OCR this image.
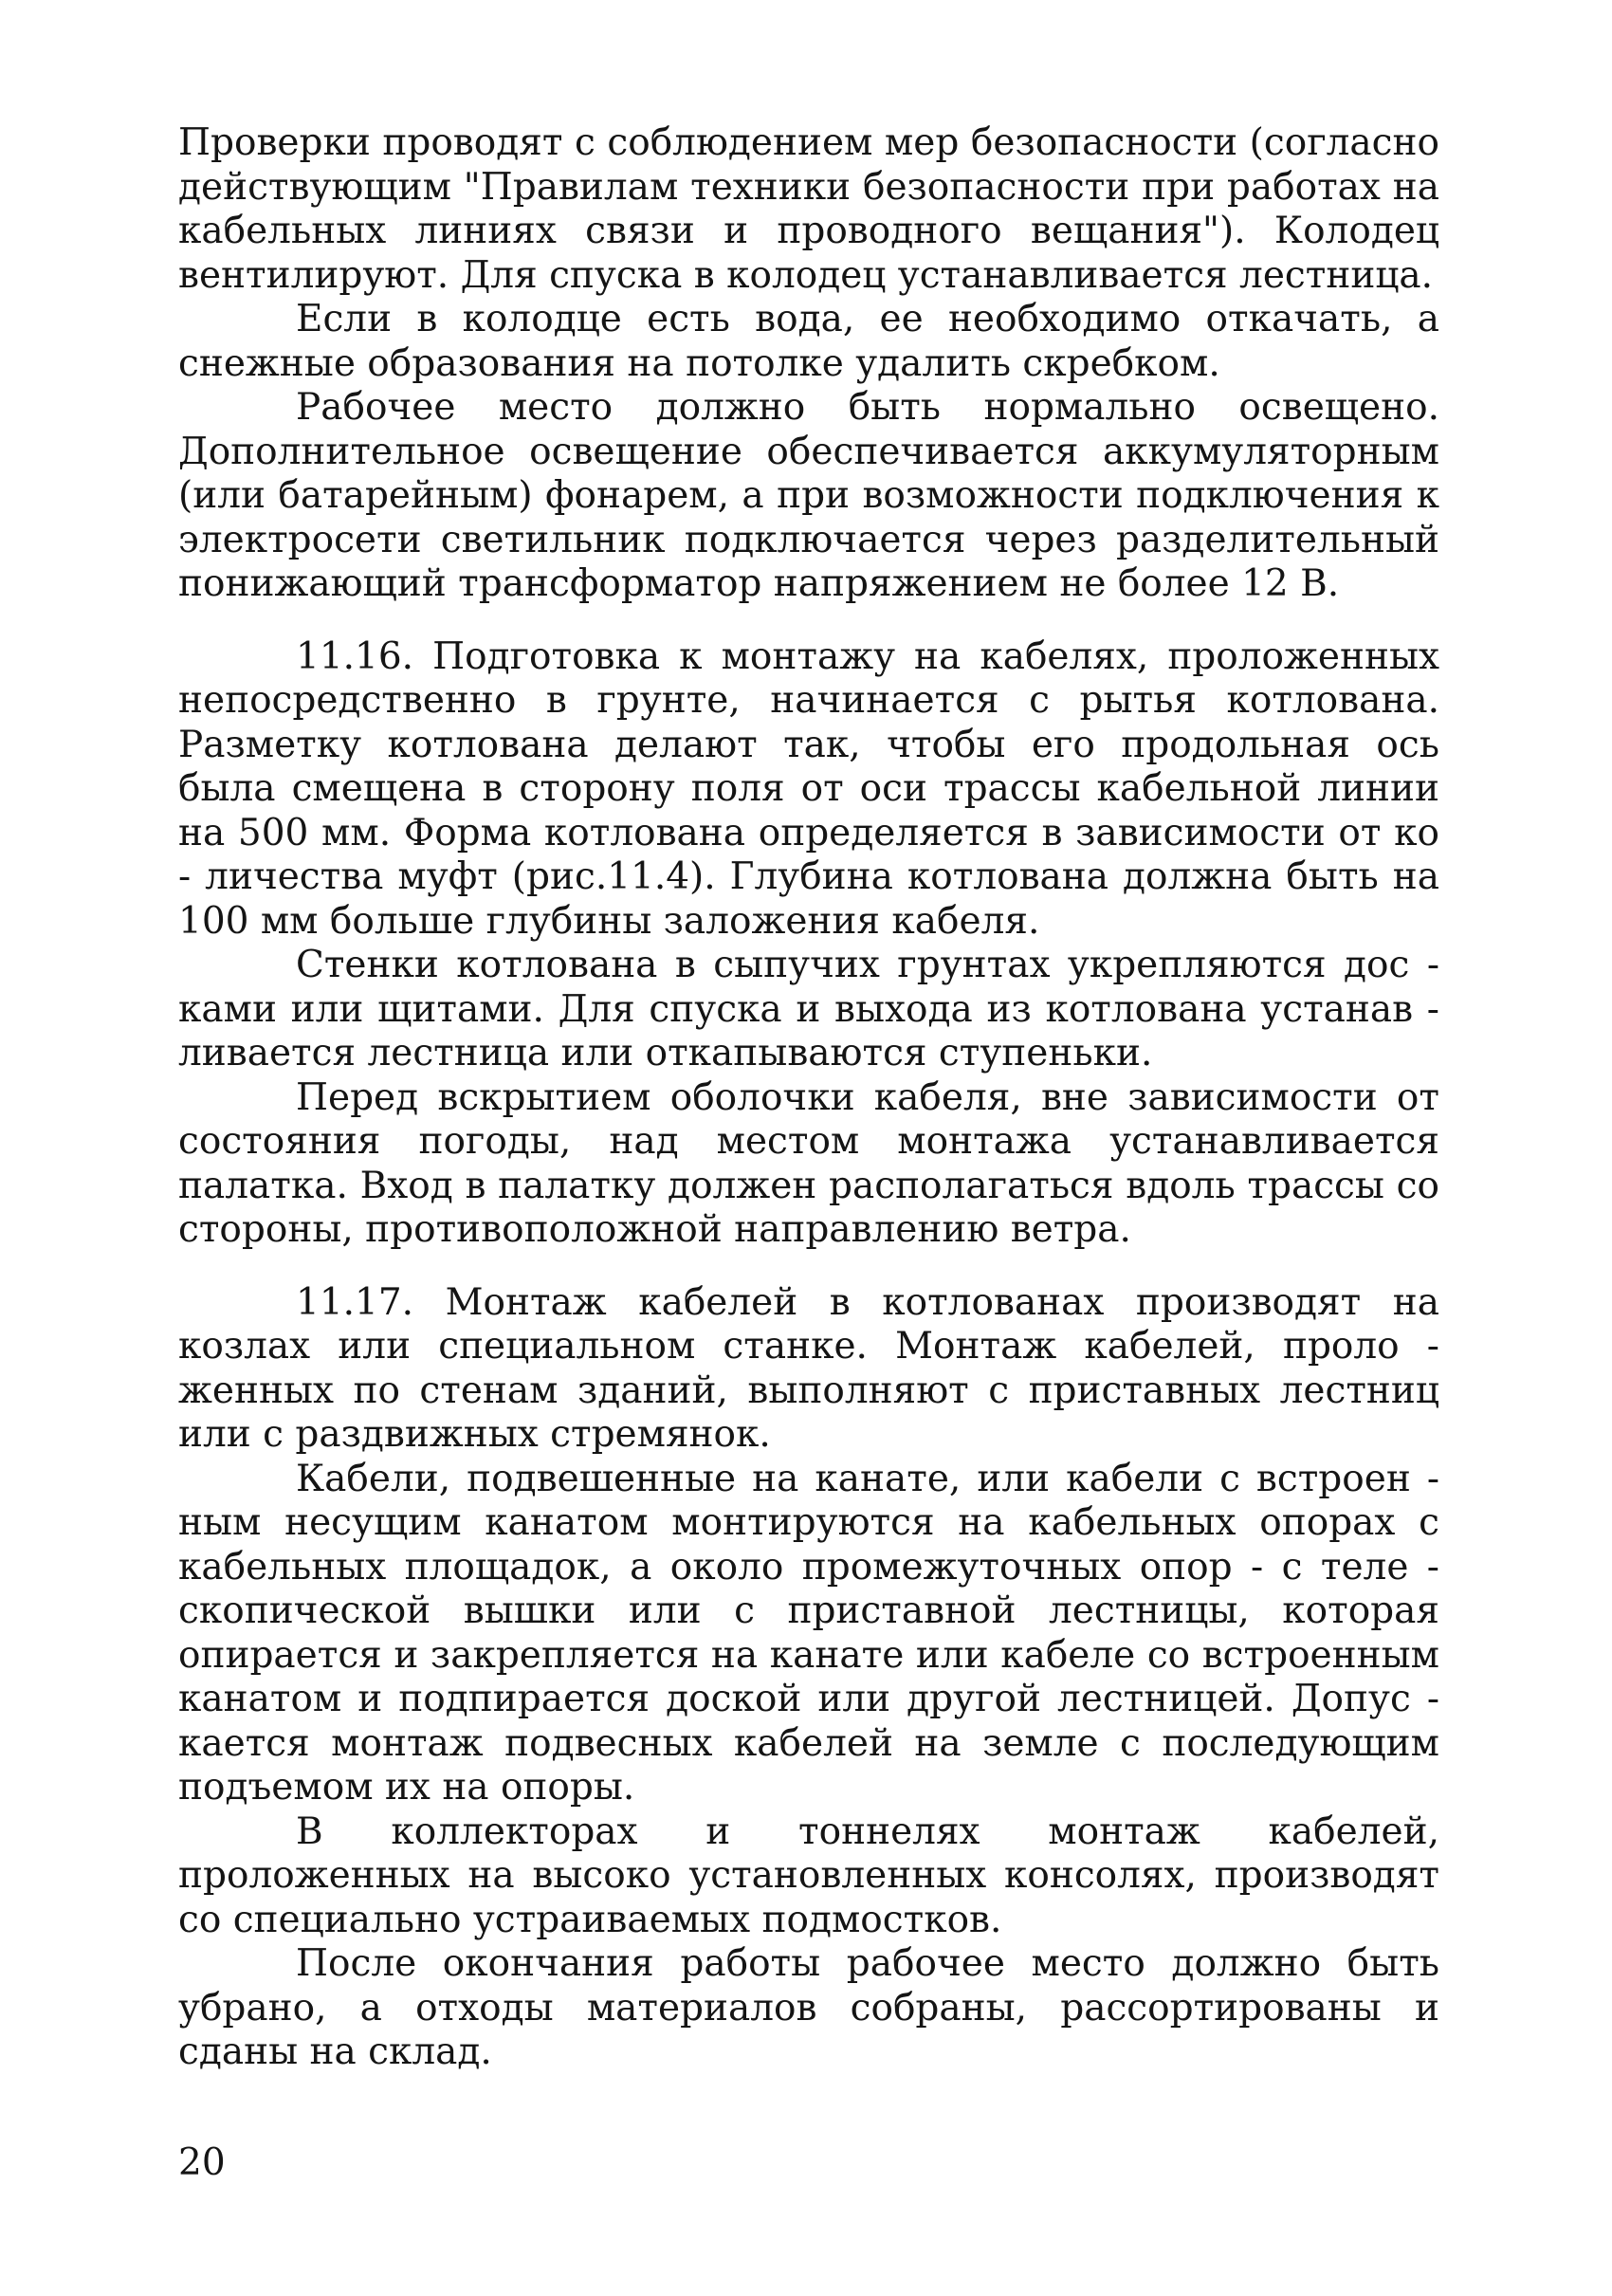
Проверки проводят с соблюдением мер безопасности (согласно действующим "Правилам техники безопасности при работах на кабельных линиях связи и проводного вещания"). Колодец вентилируют. Для спуска в колодец устанавливается лестница.

Если в колодце есть вода, ее необходимо откачать, а снежные образования на потолке удалить скребком.

Рабочее место должно быть нормально освещено. Дополнительное освещение обеспечивается аккумуляторным (или батарейным) фонарем, а при возможности подключения к электросети светильник подключается через разделительный понижающий трансформатор напряжением не более 12 В.

11.16. Подготовка к монтажу на кабелях, проложенных непосредственно в грунте, начинается с рытья котлована. Разметку котлована делают так, чтобы его продольная ось была смещена в сторону поля от оси трассы кабельной линии на 500 мм. Форма котлована определяется в зависимости от ко - личества муфт (рис.11.4). Глубина котлована должна быть на 100 мм больше глубины заложения кабеля.

Стенки котлована в сыпучих грунтах укрепляются дос - ками или щитами. Для спуска и выхода из котлована устанав - ливается лестница или откапываются ступеньки.

Перед вскрытием оболочки кабеля, вне зависимости от состояния погоды, над местом монтажа устанавливается палатка. Вход в палатку должен располагаться вдоль трассы со стороны, противоположной направлению ветра.

11.17. Монтаж кабелей в котлованах производят на козлах или специальном станке. Монтаж кабелей, проло - женных по стенам зданий, выполняют с приставных лестниц или с раздвижных стремянок.

Кабели, подвешенные на канате, или кабели с встроен - ным несущим канатом монтируются на кабельных опорах с кабельных площадок, а около промежуточных опор - с теле - скопической вышки или с приставной лестницы, которая опирается и закрепляется на канате или кабеле со встроенным канатом и подпирается доской или другой лестницей. Допус - кается монтаж подвесных кабелей на земле с последующим подъемом их на опоры.

В коллекторах и тоннелях монтаж кабелей, проложенных на высоко установленных консолях, производят со специально устраиваемых подмостков.

После окончания работы рабочее место должно быть убрано, а отходы материалов собраны, рассортированы и сданы на склад.

20
